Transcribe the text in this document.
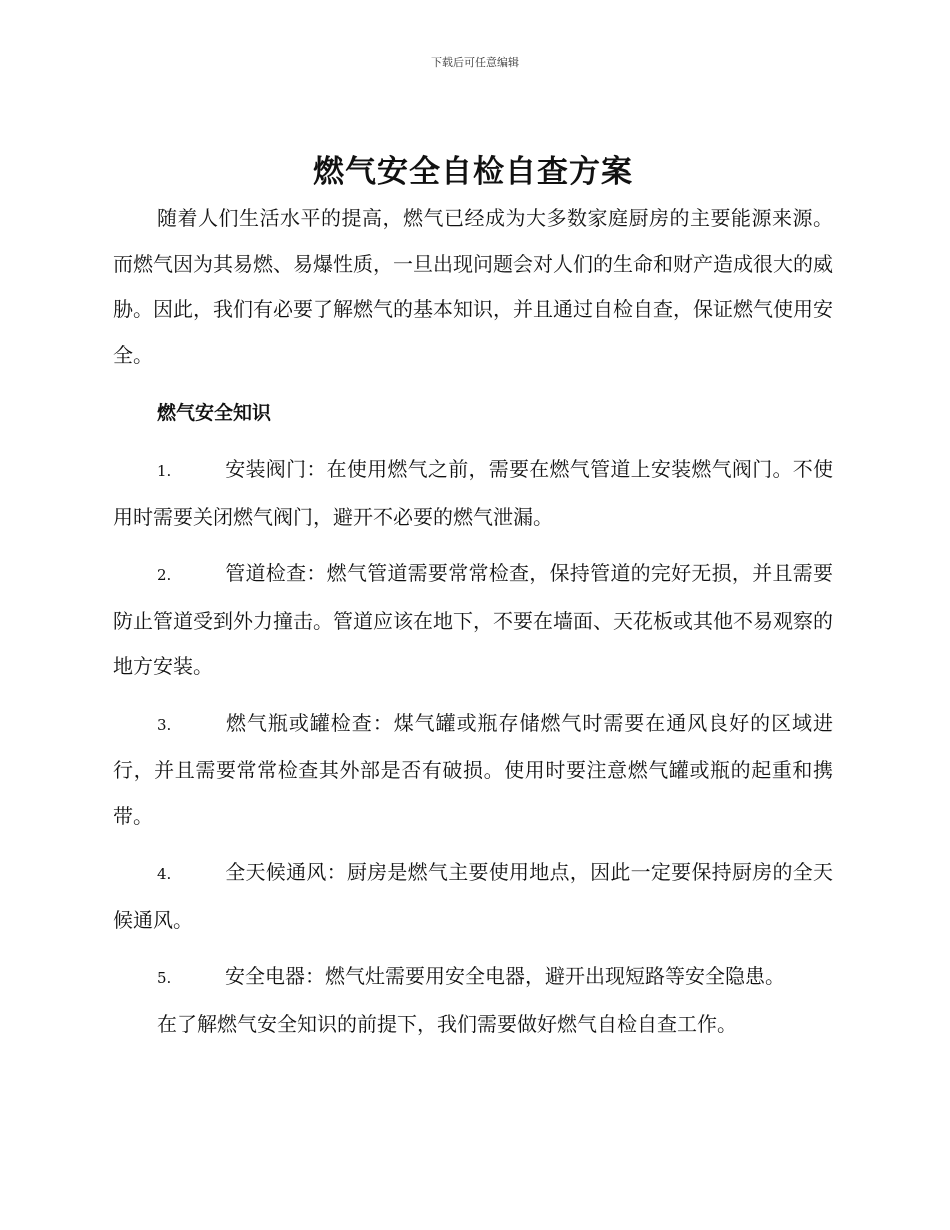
下载后可任意编辑
燃气安全自检自查方案

随着人们生活水平的提高，燃气已经成为大多数家庭厨房的主要能源来源。而燃气因为其易燃、易爆性质，一旦出现问题会对人们的生命和财产造成很大的威胁。因此，我们有必要了解燃气的基本知识，并且通过自检自查，保证燃气使用安全。

燃气安全知识

1.	安装阀门：在使用燃气之前，需要在燃气管道上安装燃气阀门。不使用时需要关闭燃气阀门，避开不必要的燃气泄漏。

2.	管道检查：燃气管道需要常常检查，保持管道的完好无损，并且需要防止管道受到外力撞击。管道应该在地下，不要在墙面、天花板或其他不易观察的地方安装。

3.	燃气瓶或罐检查：煤气罐或瓶存储燃气时需要在通风良好的区域进行，并且需要常常检查其外部是否有破损。使用时要注意燃气罐或瓶的起重和携带。

4.	全天候通风：厨房是燃气主要使用地点，因此一定要保持厨房的全天候通风。

5.	安全电器：燃气灶需要用安全电器，避开出现短路等安全隐患。

在了解燃气安全知识的前提下，我们需要做好燃气自检自查工作。
